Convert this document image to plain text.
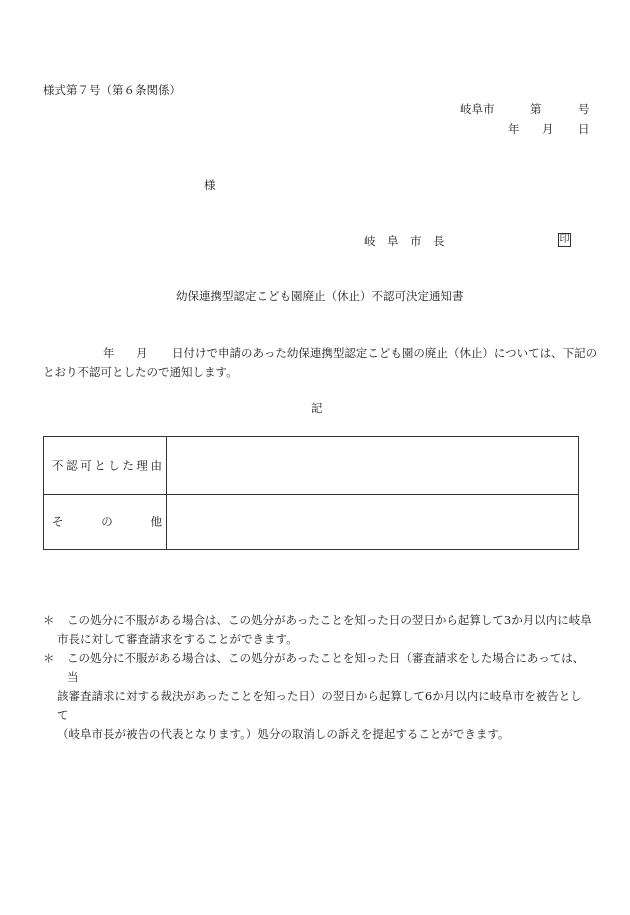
様式第７号（第６条関係）
岐阜市	第	号
年 月 日
様
岐　阜　市　長	印
幼保連携型認定こども園廃止（休止）不認可決定通知書
年 月 日付けで申請のあった幼保連携型認定こども園の廃止（休止）については、下記の
とおり不認可としたので通知します。
記
不 認 可 と し た 理 由
そ	の	他
＊ この処分に不服がある場合は、この処分があったことを知った日の翌日から起算して3か月以内に岐阜
市長に対して審査請求をすることができます。
＊ この処分に不服がある場合は、この処分があったことを知った日（審査請求をした場合にあっては、当
該審査請求に対する裁決があったことを知った日）の翌日から起算して6か月以内に岐阜市を被告として
（岐阜市長が被告の代表となります。）処分の取消しの訴えを提起することができます。
